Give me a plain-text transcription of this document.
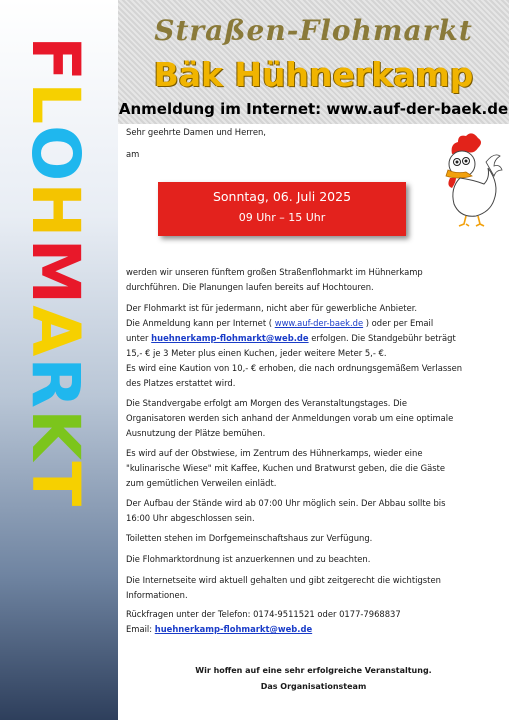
FLOHMARKT
Straßen-Flohmarkt
Bäk Hühnerkamp
Anmeldung im Internet: www.auf-der-baek.de
Sehr geehrte Damen und Herren,
am
Sonntag, 06. Juli 2025
09 Uhr – 15 Uhr
werden wir unseren fünftem großen Straßenflohmarkt im Hühnerkamp
durchführen. Die Planungen laufen bereits auf Hochtouren.
Der Flohmarkt ist für jedermann, nicht aber für gewerbliche Anbieter.
Die Anmeldung kann per Internet ( www.auf-der-baek.de ) oder per Email
unter huehnerkamp-flohmarkt@web.de erfolgen. Die Standgebühr beträgt
15,- € je 3 Meter plus einen Kuchen, jeder weitere Meter 5,- €.
Es wird eine Kaution von 10,- € erhoben, die nach ordnungsgemäßem Verlassen
des Platzes erstattet wird.
Die Standvergabe erfolgt am Morgen des Veranstaltungstages. Die
Organisatoren werden sich anhand der Anmeldungen vorab um eine optimale
Ausnutzung der Plätze bemühen.
Es wird auf der Obstwiese, im Zentrum des Hühnerkamps, wieder eine
"kulinarische Wiese" mit Kaffee, Kuchen und Bratwurst geben, die die Gäste
zum gemütlichen Verweilen einlädt.
Der Aufbau der Stände wird ab 07:00 Uhr möglich sein. Der Abbau sollte bis
16:00 Uhr abgeschlossen sein.
Toiletten stehen im Dorfgemeinschaftshaus zur Verfügung.
Die Flohmarktordnung ist anzuerkennen und zu beachten.
Die Internetseite wird aktuell gehalten und gibt zeitgerecht die wichtigsten
Informationen.
Rückfragen unter der Telefon: 0174-9511521 oder 0177-7968837
Email: huehnerkamp-flohmarkt@web.de
Wir hoffen auf eine sehr erfolgreiche Veranstaltung.
Das Organisationsteam
